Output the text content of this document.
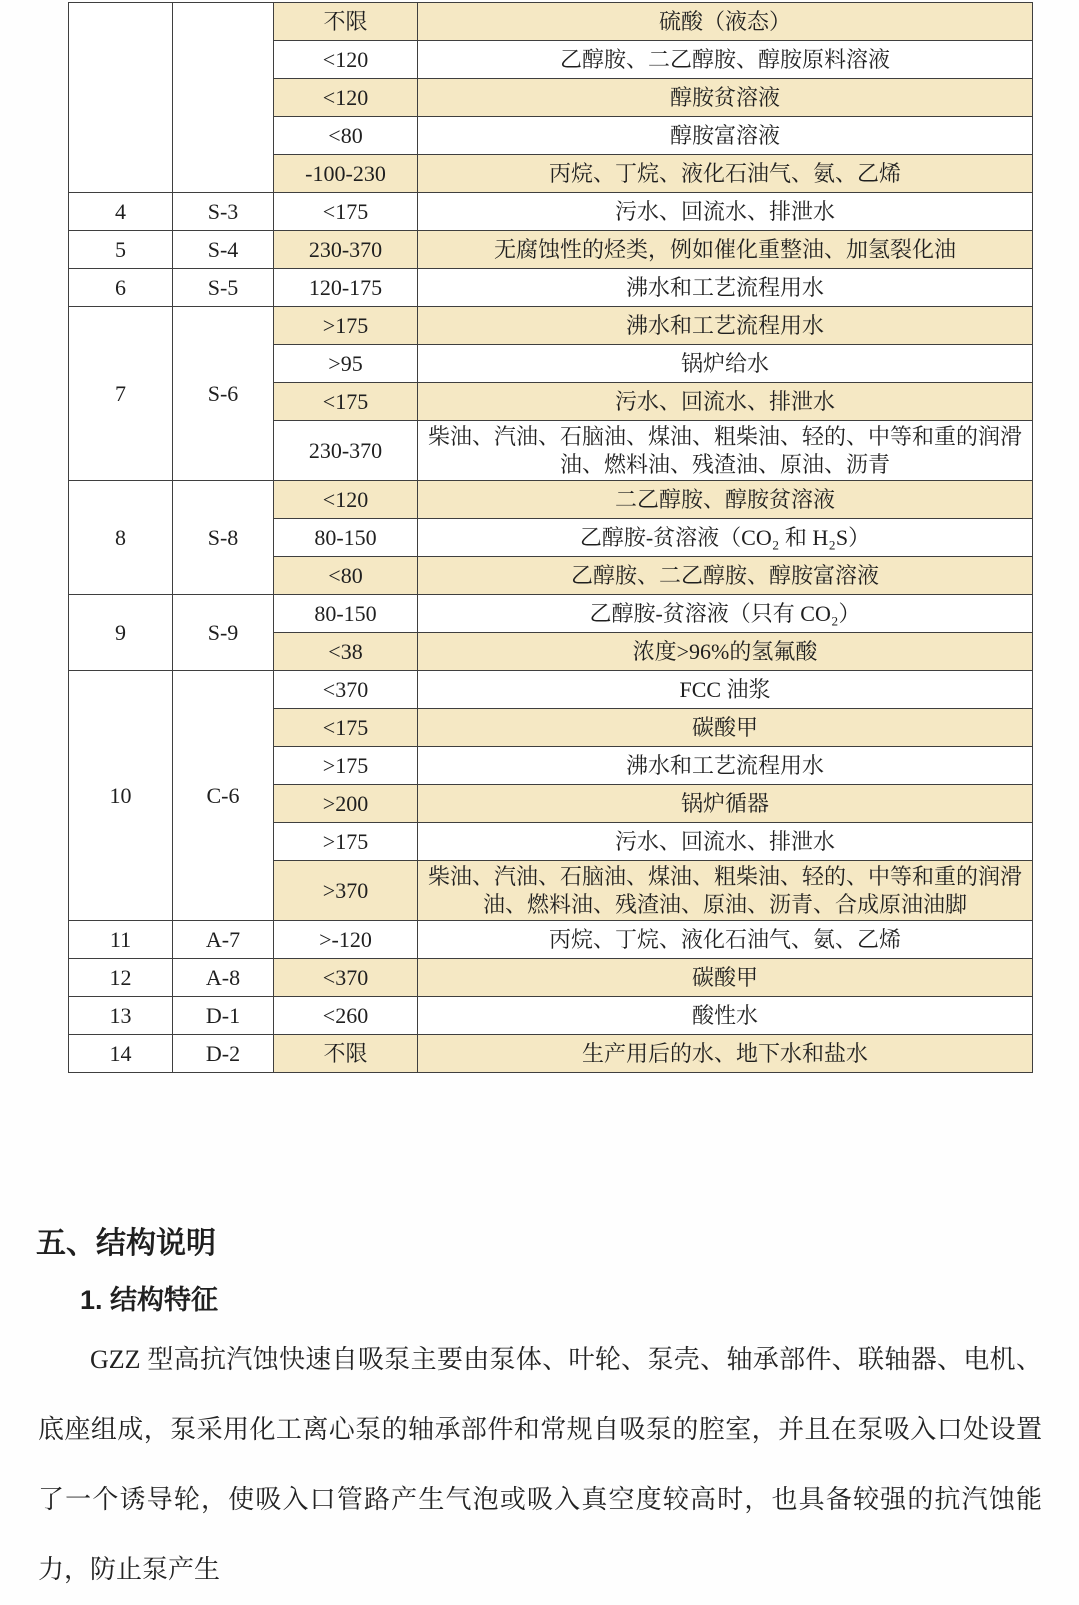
		不限	硫酸（液态）
		<120	乙醇胺、二乙醇胺、醇胺原料溶液
		<120	醇胺贫溶液
		<80	醇胺富溶液
		-100-230	丙烷、丁烷、液化石油气、氨、乙烯
4	S-3	<175	污水、回流水、排泄水
5	S-4	230-370	无腐蚀性的烃类，例如催化重整油、加氢裂化油
6	S-5	120-175	沸水和工艺流程用水
7	S-6	>175	沸水和工艺流程用水
		>95	锅炉给水
		<175	污水、回流水、排泄水
		230-370	柴油、汽油、石脑油、煤油、粗柴油、轻的、中等和重的润滑油、燃料油、残渣油、原油、沥青
8	S-8	<120	二乙醇胺、醇胺贫溶液
		80-150	乙醇胺-贫溶液（CO₂ 和 H₂S）
		<80	乙醇胺、二乙醇胺、醇胺富溶液
9	S-9	80-150	乙醇胺-贫溶液（只有 CO₂）
		<38	浓度>96%的氢氟酸
10	C-6	<370	FCC 油浆
		<175	碳酸甲
		>175	沸水和工艺流程用水
		>200	锅炉循器
		>175	污水、回流水、排泄水
		>370	柴油、汽油、石脑油、煤油、粗柴油、轻的、中等和重的润滑油、燃料油、残渣油、原油、沥青、合成原油油脚
11	A-7	>-120	丙烷、丁烷、液化石油气、氨、乙烯
12	A-8	<370	碳酸甲
13	D-1	<260	酸性水
14	D-2	不限	生产用后的水、地下水和盐水
五、结构说明
1. 结构特征
GZZ 型高抗汽蚀快速自吸泵主要由泵体、叶轮、泵壳、轴承部件、联轴器、电机、底座组成，泵采用化工离心泵的轴承部件和常规自吸泵的腔室，并且在泵吸入口处设置了一个诱导轮，使吸入口管路产生气泡或吸入真空度较高时，也具备较强的抗汽蚀能力，防止泵产生
